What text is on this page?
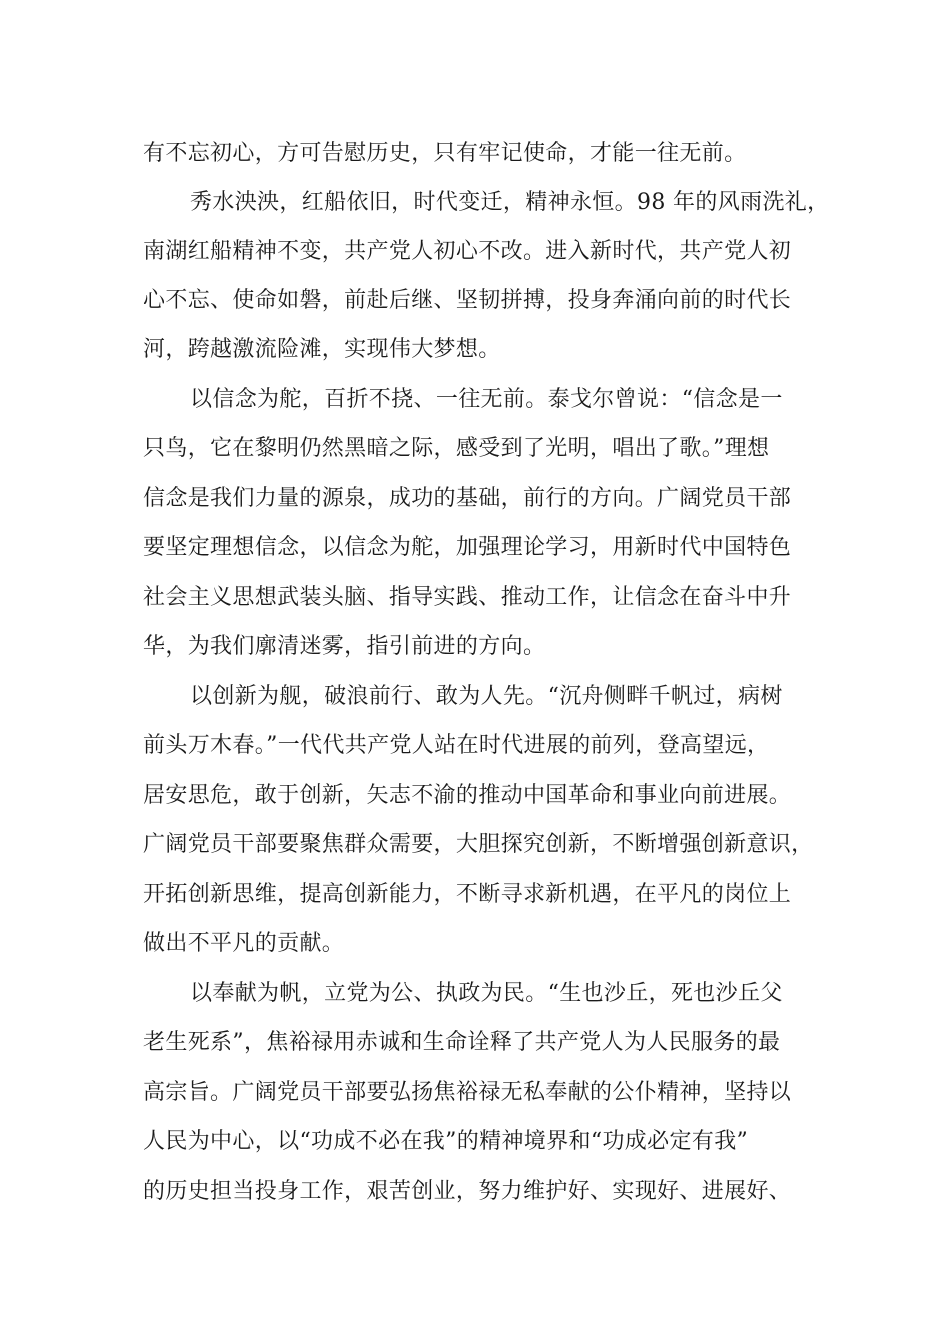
有不忘初心，方可告慰历史，只有牢记使命，才能一往无前。
秀水泱泱，红船依旧，时代变迁，精神永恒。98 年的风雨洗礼，
南湖红船精神不变，共产党人初心不改。进入新时代，共产党人初
心不忘、使命如磐，前赴后继、坚韧拼搏，投身奔涌向前的时代长
河，跨越激流险滩，实现伟大梦想。
以信念为舵，百折不挠、一往无前。泰戈尔曾说：“信念是一
只鸟，它在黎明仍然黑暗之际，感受到了光明，唱出了歌。”理想
信念是我们力量的源泉，成功的基础，前行的方向。广阔党员干部
要坚定理想信念，以信念为舵，加强理论学习，用新时代中国特色
社会主义思想武装头脑、指导实践、推动工作，让信念在奋斗中升
华，为我们廓清迷雾，指引前进的方向。
以创新为舰，破浪前行、敢为人先。“沉舟侧畔千帆过，病树
前头万木春。”一代代共产党人站在时代进展的前列，登高望远，
居安思危，敢于创新，矢志不渝的推动中国革命和事业向前进展。
广阔党员干部要聚焦群众需要，大胆探究创新，不断增强创新意识，
开拓创新思维，提高创新能力，不断寻求新机遇，在平凡的岗位上
做出不平凡的贡献。
以奉献为帆，立党为公、执政为民。“生也沙丘，死也沙丘父
老生死系”，焦裕禄用赤诚和生命诠释了共产党人为人民服务的最
高宗旨。广阔党员干部要弘扬焦裕禄无私奉献的公仆精神，坚持以
人民为中心，以“功成不必在我”的精神境界和“功成必定有我”
的历史担当投身工作，艰苦创业，努力维护好、实现好、进展好、
